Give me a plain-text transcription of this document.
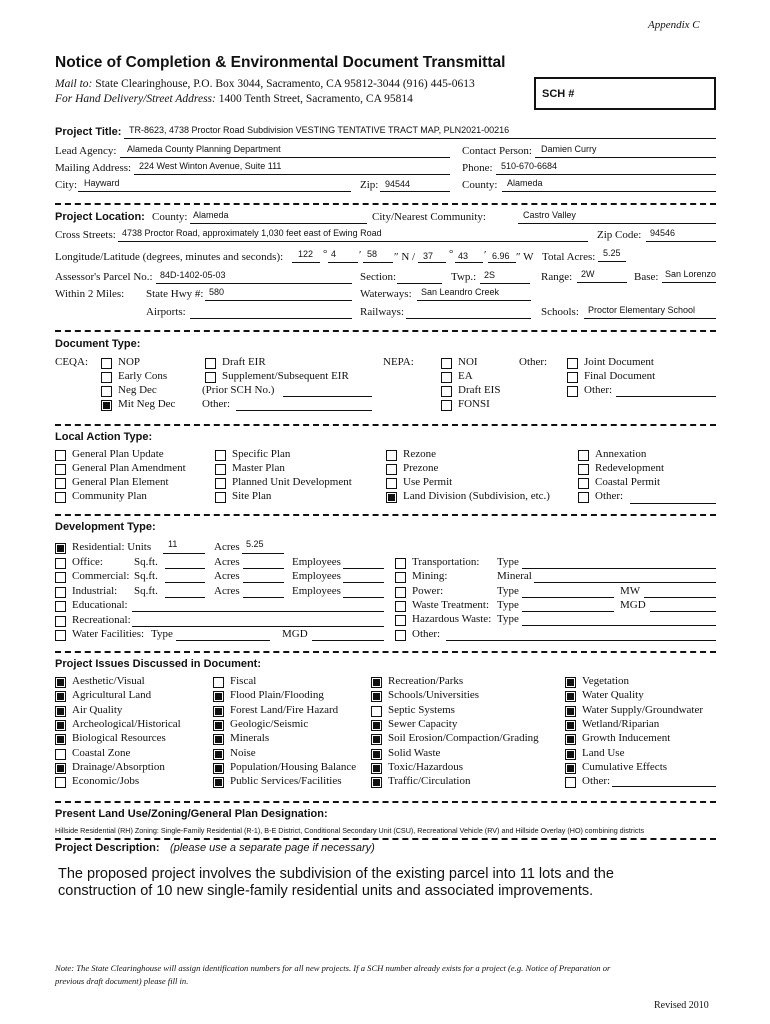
Appendix C
Notice of Completion & Environmental Document Transmittal
Mail to: State Clearinghouse, P.O. Box 3044, Sacramento, CA 95812-3044 (916) 445-0613
For Hand Delivery/Street Address: 1400 Tenth Street, Sacramento, CA 95814	SCH #
Project Title: TR-8623, 4738 Proctor Road Subdivision VESTING TENTATIVE TRACT MAP, PLN2021-00216
Lead Agency: Alameda County Planning Department	Contact Person: Damien Curry
Mailing Address: 224 West Winton Avenue, Suite 111	Phone: 510-670-6684
City: Hayward	Zip: 94544	County: Alameda
Project Location: County: Alameda	City/Nearest Community:	Castro Valley
Cross Streets: 4738 Proctor Road, approximately 1,030 feet east of Ewing Road	Zip Code: 94546
Longitude/Latitude (degrees, minutes and seconds): 122 ° 4 ′ 58 ″ N / 37 ° 43 ′ 6.96 ″ W Total Acres: 5.25
Assessor's Parcel No.: 84D-1402-05-03	Section:	Twp.: 2S	Range: 2W	Base: San Lorenzo
Within 2 Miles: State Hwy #: 580	Waterways: San Leandro Creek
Airports:	Railways:	Schools: Proctor Elementary School
Document Type:
CEQA:	NOP
Early Cons
Neg Dec
Mit Neg Dec
Draft EIR
Supplement/Subsequent EIR
(Prior SCH No.)
Other:
NEPA:	NOI
EA
Draft EIS
FONSI
Other:	Joint Document
Final Document
Other:
Local Action Type:
General Plan Update
General Plan Amendment
General Plan Element
Community Plan
Specific Plan
Master Plan
Planned Unit Development
Site Plan
Rezone
Prezone
Use Permit
Land Division (Subdivision, etc.)
Annexation
Redevelopment
Coastal Permit
Other:
Development Type:
Residential: Units 11	Acres 5.25
Office:	Sq.ft.	Acres	Employees
Commercial: Sq.ft.	Acres	Employees
Industrial: Sq.ft.	Acres	Employees
Educational:
Recreational:
Water Facilities: Type	MGD
Transportation: Type
Mining:	Mineral
Power:	Type	MW
Waste Treatment: Type	MGD
Hazardous Waste: Type
Other:
Project Issues Discussed in Document:
Aesthetic/Visual
Agricultural Land
Air Quality
Archeological/Historical
Biological Resources
Coastal Zone
Drainage/Absorption
Economic/Jobs
Fiscal
Flood Plain/Flooding
Forest Land/Fire Hazard
Geologic/Seismic
Minerals
Noise
Population/Housing Balance
Public Services/Facilities
Recreation/Parks
Schools/Universities
Septic Systems
Sewer Capacity
Soil Erosion/Compaction/Grading
Solid Waste
Toxic/Hazardous
Traffic/Circulation
Vegetation
Water Quality
Water Supply/Groundwater
Wetland/Riparian
Growth Inducement
Land Use
Cumulative Effects
Other:
Present Land Use/Zoning/General Plan Designation:
Hillside Residential (RH) Zoning: Single-Family Residential (R-1), B-E District, Conditional Secondary Unit (CSU), Recreational Vehicle (RV) and Hillside Overlay (HO) combining districts
Project Description: (please use a separate page if necessary)
The proposed project involves the subdivision of the existing parcel into 11 lots and the
construction of 10 new single-family residential units and associated improvements.
Note: The State Clearinghouse will assign identification numbers for all new projects. If a SCH number already exists for a project (e.g. Notice of Preparation or
previous draft document) please fill in.
Revised 2010
